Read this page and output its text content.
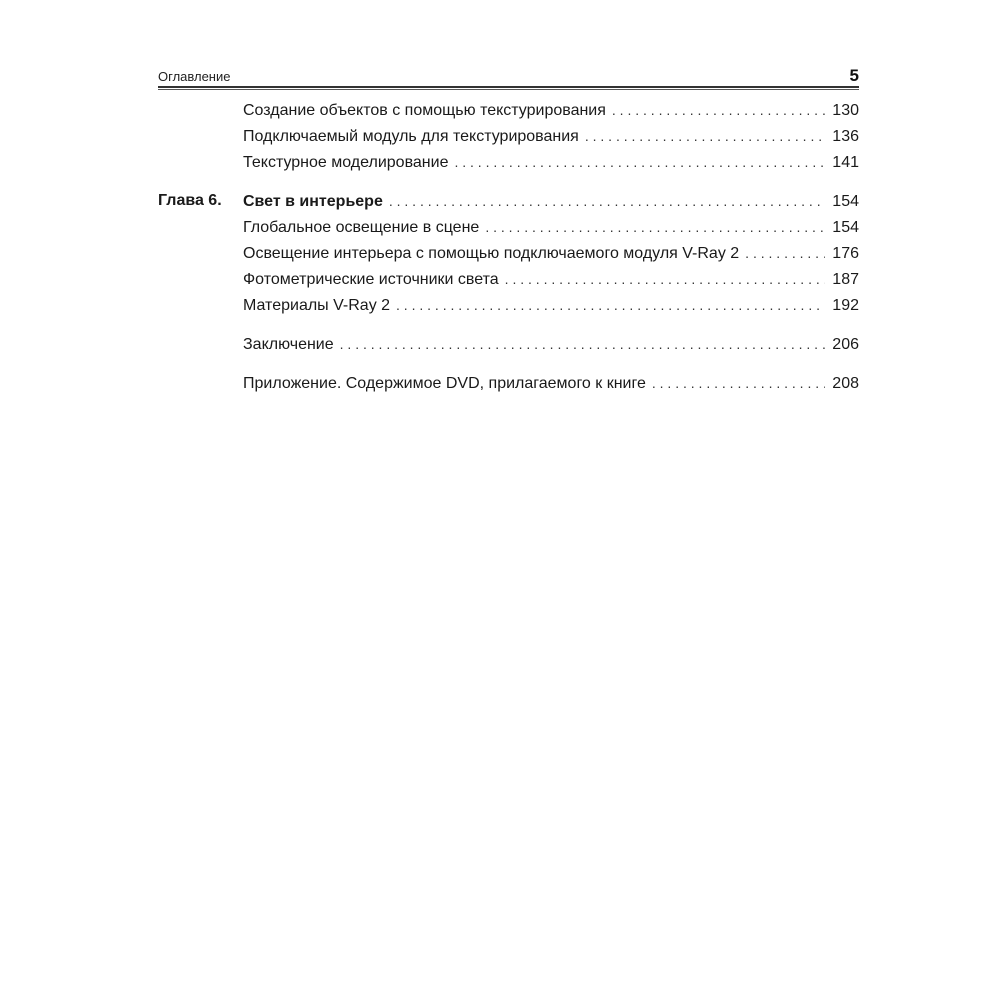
Оглавление	5
Создание объектов с помощью текстурирования . . .	130
Подключаемый модуль для текстурирования . . .	136
Текстурное моделирование . . .	141
Глава 6. Свет в интерьере . . .	154
Глобальное освещение в сцене . . .	154
Освещение интерьера с помощью подключаемого модуля V-Ray 2 . . .	176
Фотометрические источники света . . .	187
Материалы V-Ray 2 . . .	192
Заключение . . .	206
Приложение. Содержимое DVD, прилагаемого к книге . . .	208
